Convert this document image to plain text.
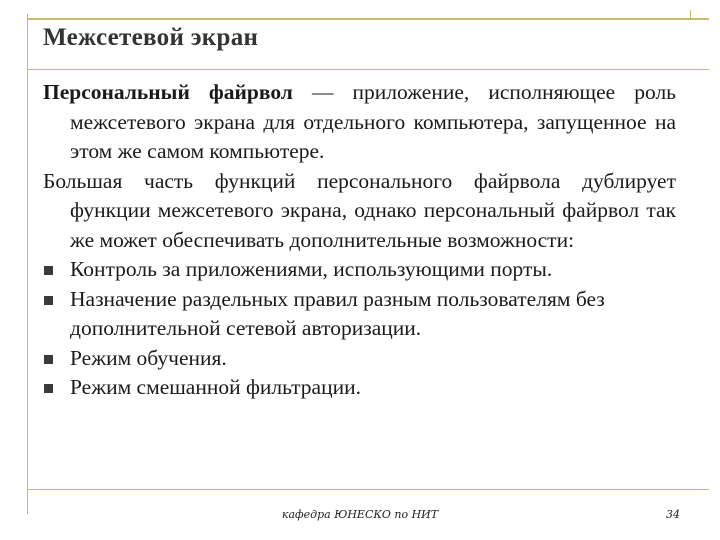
Межсетевой экран

Персональный файрвол — приложение, исполняющее роль межсетевого экрана для отдельного компьютера, запущенное на этом же самом компьютере.

Большая часть функций персонального файрвола дублирует функции межсетевого экрана, однако персональный файрвол так же может обеспечивать дополнительные возможности:

Контроль за приложениями, использующими порты.
Назначение раздельных правил разным пользователям без дополнительной сетевой авторизации.
Режим обучения.
Режим смешанной фильтрации.
кафедра ЮНЕСКО по НИТ	34
